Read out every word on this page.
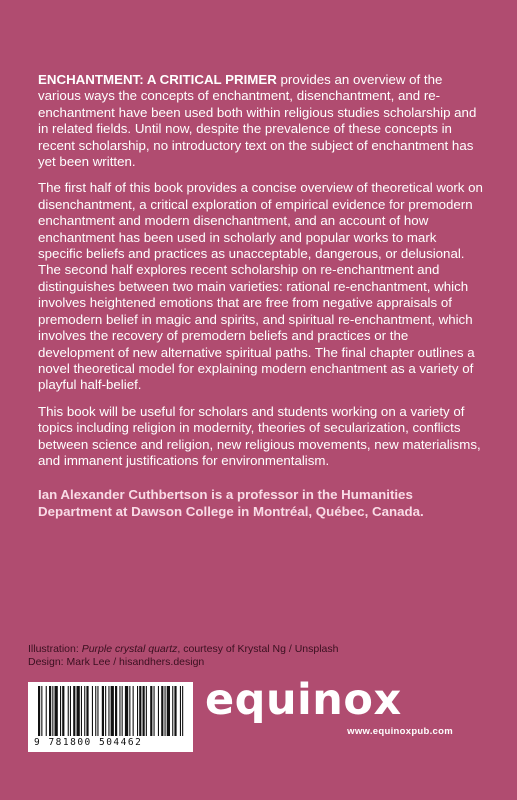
ENCHANTMENT: A CRITICAL PRIMER provides an overview of the various ways the concepts of enchantment, disenchantment, and re-enchantment have been used both within religious studies scholarship and in related fields. Until now, despite the prevalence of these concepts in recent scholarship, no introductory text on the subject of enchantment has yet been written.

The first half of this book provides a concise overview of theoretical work on disenchantment, a critical exploration of empirical evidence for premodern enchantment and modern disenchantment, and an account of how enchantment has been used in scholarly and popular works to mark specific beliefs and practices as unacceptable, dangerous, or delusional. The second half explores recent scholarship on re-enchantment and distinguishes between two main varieties: rational re-enchantment, which involves heightened emotions that are free from negative appraisals of premodern belief in magic and spirits, and spiritual re-enchantment, which involves the recovery of premodern beliefs and practices or the development of new alternative spiritual paths. The final chapter outlines a novel theoretical model for explaining modern enchantment as a variety of playful half-belief.

This book will be useful for scholars and students working on a variety of topics including religion in modernity, theories of secularization, conflicts between science and religion, new religious movements, new materialisms, and immanent justifications for environmentalism.

Ian Alexander Cuthbertson is a professor in the Humanities Department at Dawson College in Montréal, Québec, Canada.

Illustration: Purple crystal quartz, courtesy of Krystal Ng / Unsplash
Design: Mark Lee / hisandhers.design
9 781800 504462
equinox
www.equinoxpub.com
